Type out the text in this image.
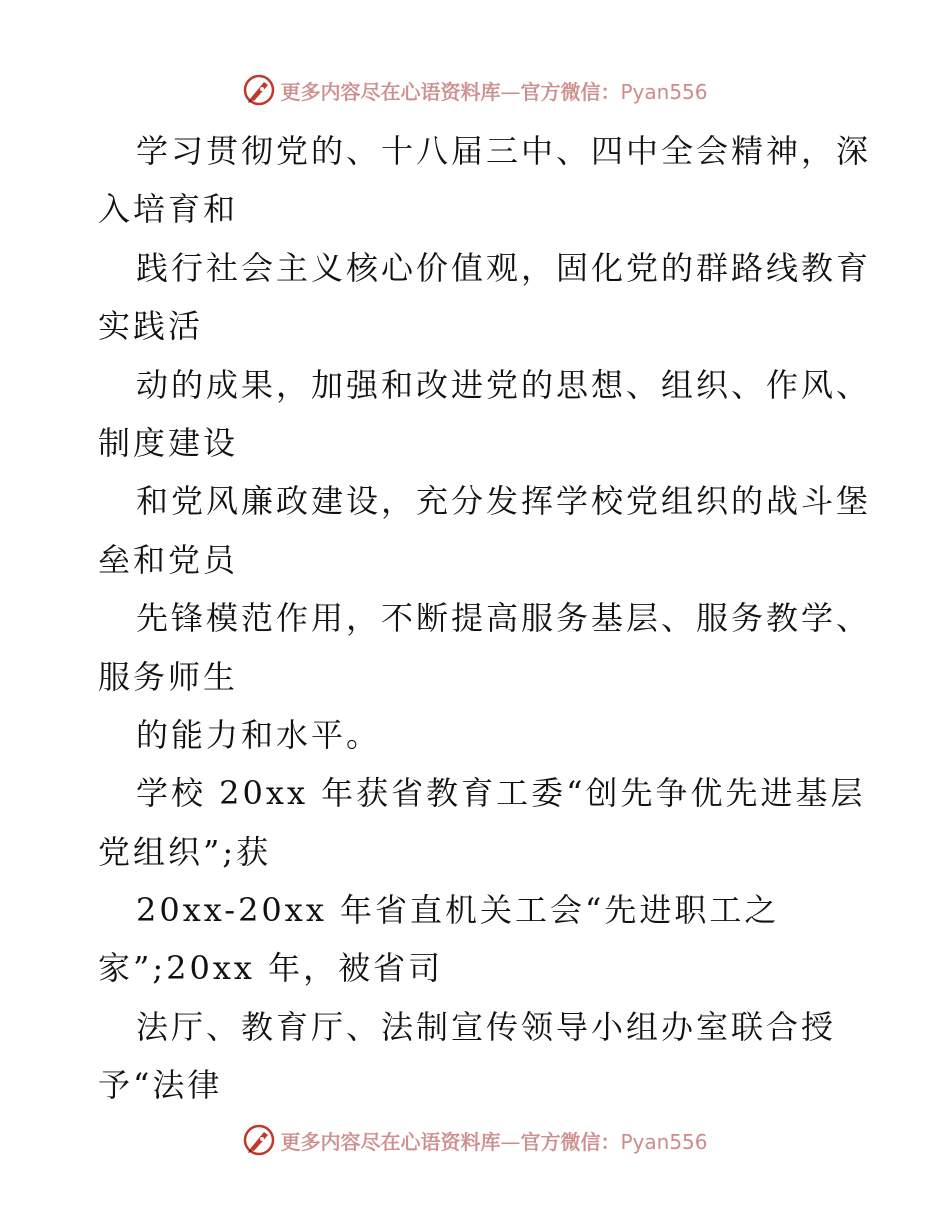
更多内容尽在心语资料库—官方微信：Pyan556
学习贯彻党的、十八届三中、四中全会精神，深
入培育和
践行社会主义核心价值观，固化党的群路线教育
实践活
动的成果，加强和改进党的思想、组织、作风、
制度建设
和党风廉政建设，充分发挥学校党组织的战斗堡
垒和党员
先锋模范作用，不断提高服务基层、服务教学、
服务师生
的能力和水平。
学校 20xx 年获省教育工委“创先争优先进基层
党组织”;获
20xx-20xx 年省直机关工会“先进职工之
家”;20xx 年，被省司
法厅、教育厅、法制宣传领导小组办室联合授
予“法律
更多内容尽在心语资料库—官方微信：Pyan556
